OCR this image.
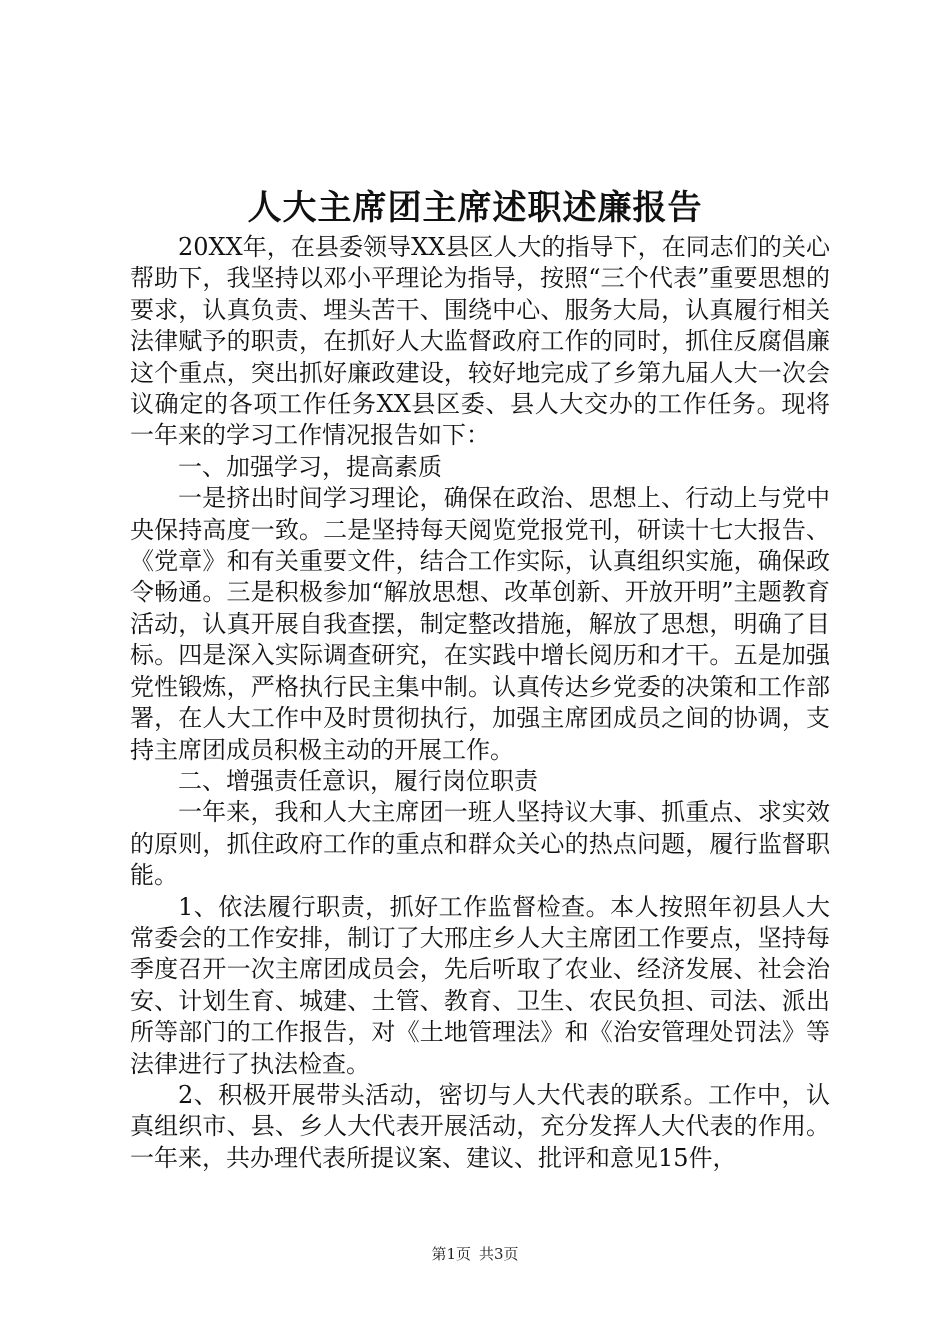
人大主席团主席述职述廉报告

20XX年，在县委领导XX县区人大的指导下，在同志们的关心帮助下，我坚持以邓小平理论为指导，按照“三个代表”重要思想的要求，认真负责、埋头苦干、围绕中心、服务大局，认真履行相关法律赋予的职责，在抓好人大监督政府工作的同时，抓住反腐倡廉这个重点，突出抓好廉政建设，较好地完成了乡第九届人大一次会议确定的各项工作任务XX县区委、县人大交办的工作任务。现将一年来的学习工作情况报告如下：

一、加强学习，提高素质

一是挤出时间学习理论，确保在政治、思想上、行动上与党中央保持高度一致。二是坚持每天阅览党报党刊，研读十七大报告、《党章》和有关重要文件，结合工作实际，认真组织实施，确保政令畅通。三是积极参加“解放思想、改革创新、开放开明”主题教育活动，认真开展自我查摆，制定整改措施，解放了思想，明确了目标。四是深入实际调查研究，在实践中增长阅历和才干。五是加强党性锻炼，严格执行民主集中制。认真传达乡党委的决策和工作部署，在人大工作中及时贯彻执行，加强主席团成员之间的协调，支持主席团成员积极主动的开展工作。

二、增强责任意识，履行岗位职责

一年来，我和人大主席团一班人坚持议大事、抓重点、求实效的原则，抓住政府工作的重点和群众关心的热点问题，履行监督职能。

1、依法履行职责，抓好工作监督检查。本人按照年初县人大常委会的工作安排，制订了大邢庄乡人大主席团工作要点，坚持每季度召开一次主席团成员会，先后听取了农业、经济发展、社会治安、计划生育、城建、土管、教育、卫生、农民负担、司法、派出所等部门的工作报告，对《土地管理法》和《治安管理处罚法》等法律进行了执法检查。

2、积极开展带头活动，密切与人大代表的联系。工作中，认真组织市、县、乡人大代表开展活动，充分发挥人大代表的作用。一年来，共办理代表所提议案、建议、批评和意见15件，

第1页 共3页
